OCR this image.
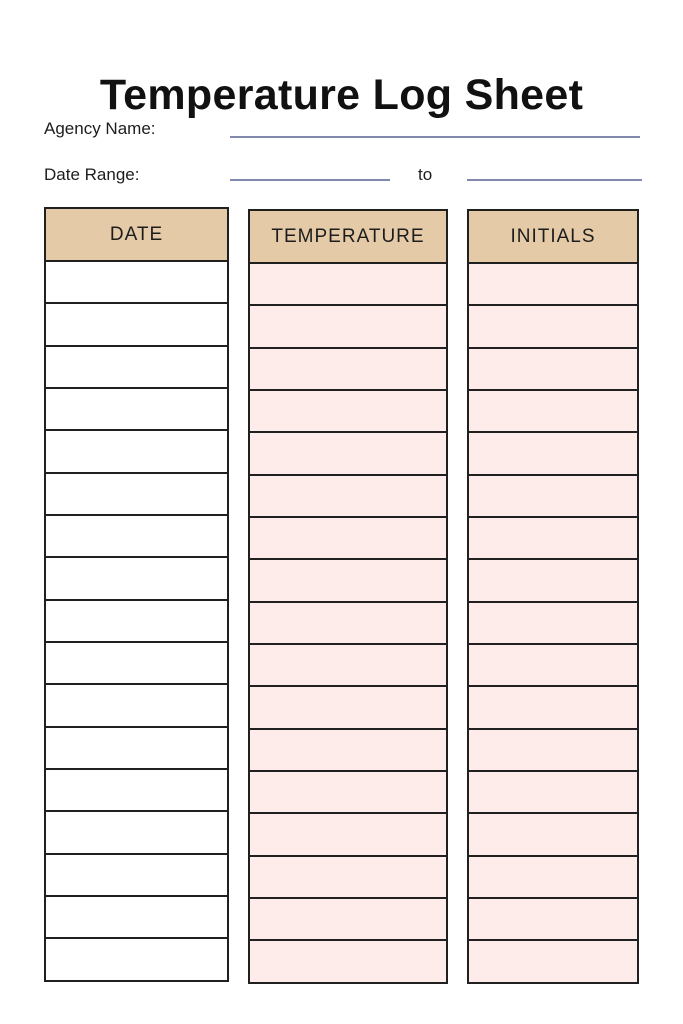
Temperature Log Sheet
Agency Name:
Date Range:	to
DATE	TEMPERATURE	INITIALS
